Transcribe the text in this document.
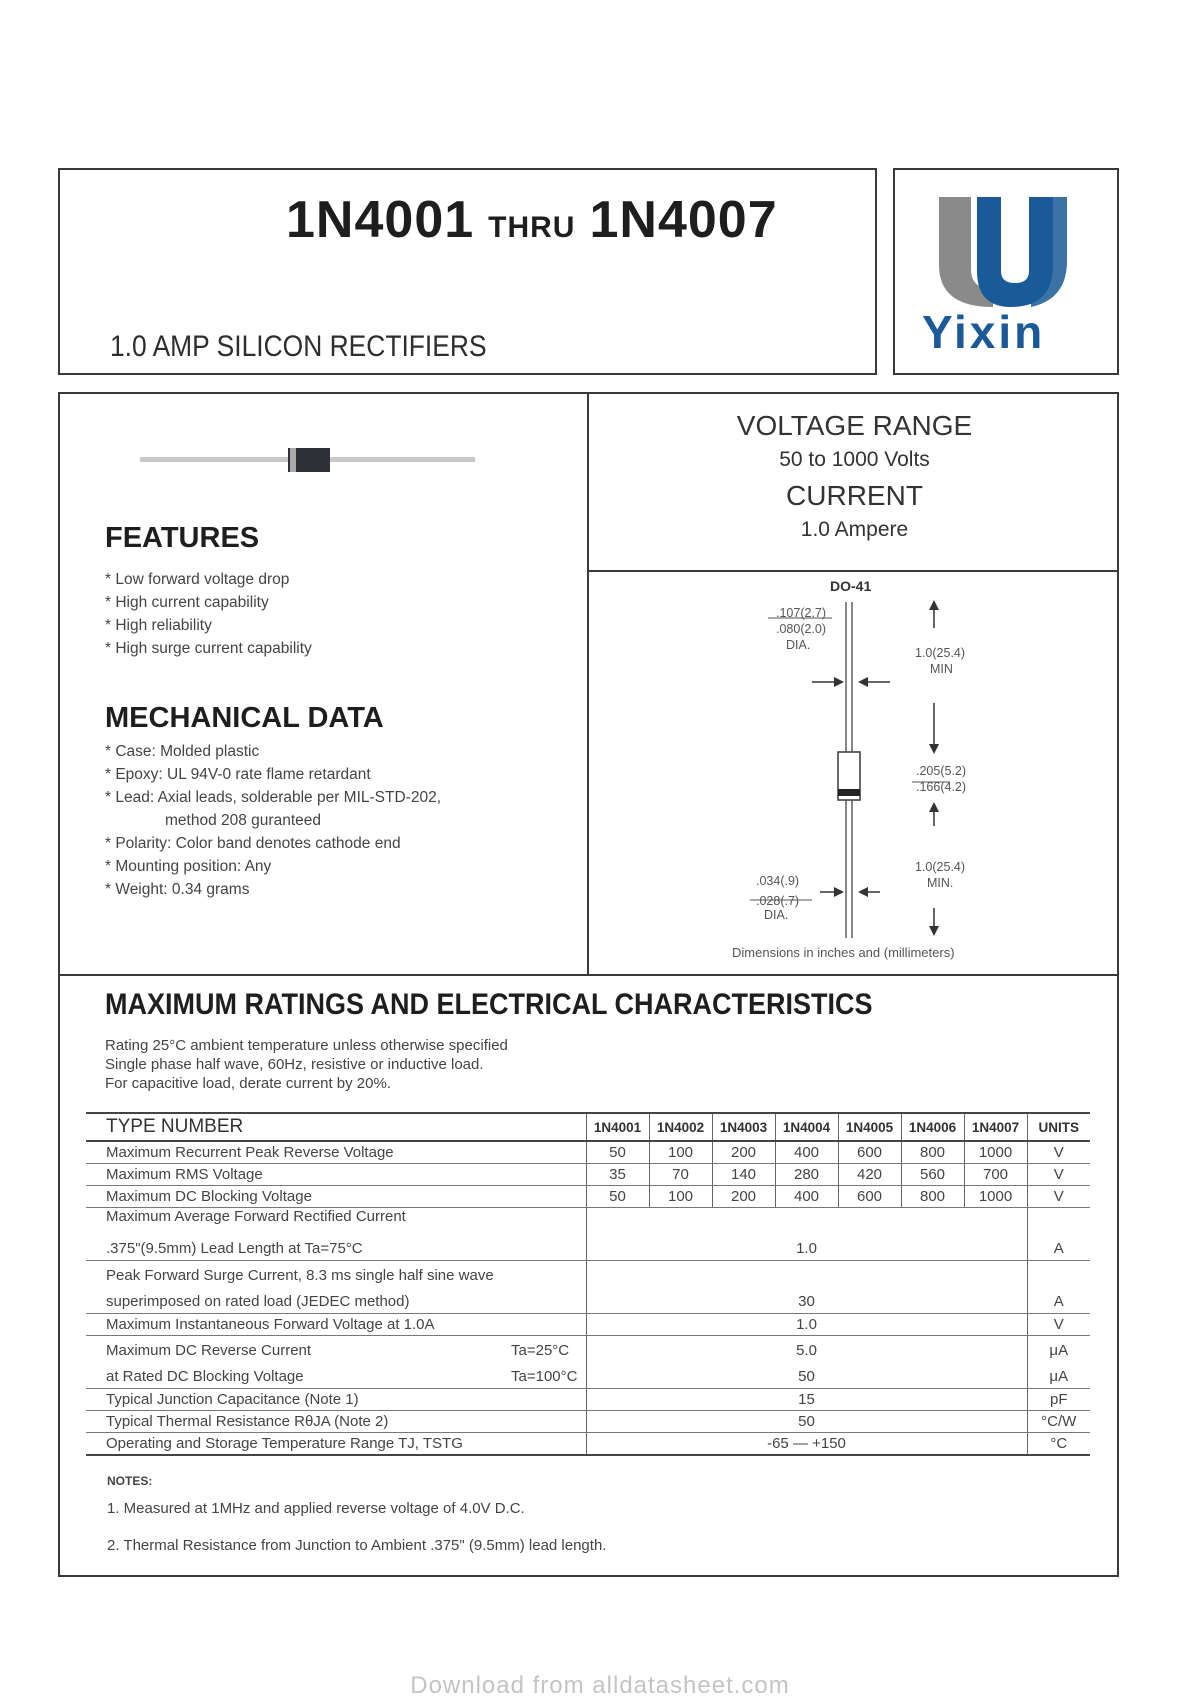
1N4001 THRU 1N4007
1.0 AMP SILICON RECTIFIERS	Yixin
FEATURES
* Low forward voltage drop
* High current capability
* High reliability
* High surge current capability
MECHANICAL DATA
* Case: Molded plastic
* Epoxy: UL 94V-0 rate flame retardant
* Lead: Axial leads, solderable per MIL-STD-202,
method 208 guranteed
* Polarity: Color band denotes cathode end
* Mounting position: Any
* Weight: 0.34 grams
VOLTAGE RANGE
50 to 1000 Volts
CURRENT
1.0 Ampere
DO-41
.107(2.7)
.080(2.0)
DIA.
1.0(25.4)
MIN
.205(5.2)
.166(4.2)
1.0(25.4)
MIN.
.034(.9)
.028(.7)
DIA.
Dimensions in inches and (millimeters)
MAXIMUM RATINGS AND ELECTRICAL CHARACTERISTICS
Rating 25°C ambient temperature unless otherwise specified
Single phase half wave, 60Hz, resistive or inductive load.
For capacitive load, derate current by 20%.
TYPE NUMBER	1N4001	1N4002	1N4003	1N4004	1N4005	1N4006	1N4007	UNITS
Maximum Recurrent Peak Reverse Voltage	50	100	200	400	600	800	1000	V
Maximum RMS Voltage	35	70	140	280	420	560	700	V
Maximum DC Blocking Voltage	50	100	200	400	600	800	1000	V
Maximum Average Forward Rectified Current								
.375"(9.5mm) Lead Length at Ta=75°C	1.0							A
Peak Forward Surge Current, 8.3 ms single half sine wave								
superimposed on rated load (JEDEC method)	30							A
Maximum Instantaneous Forward Voltage at 1.0A	1.0							V
Maximum DC Reverse Current Ta=25°C	5.0							μA
at Rated DC Blocking Voltage Ta=100°C	50							μA
Typical Junction Capacitance (Note 1)	15							pF
Typical Thermal Resistance RθJA (Note 2)	50							°C/W
Operating and Storage Temperature Range TJ, TSTG	-65 — +150							°C
NOTES:
1. Measured at 1MHz and applied reverse voltage of 4.0V D.C.
2. Thermal Resistance from Junction to Ambient .375" (9.5mm) lead length.
Download from alldatasheet.com
